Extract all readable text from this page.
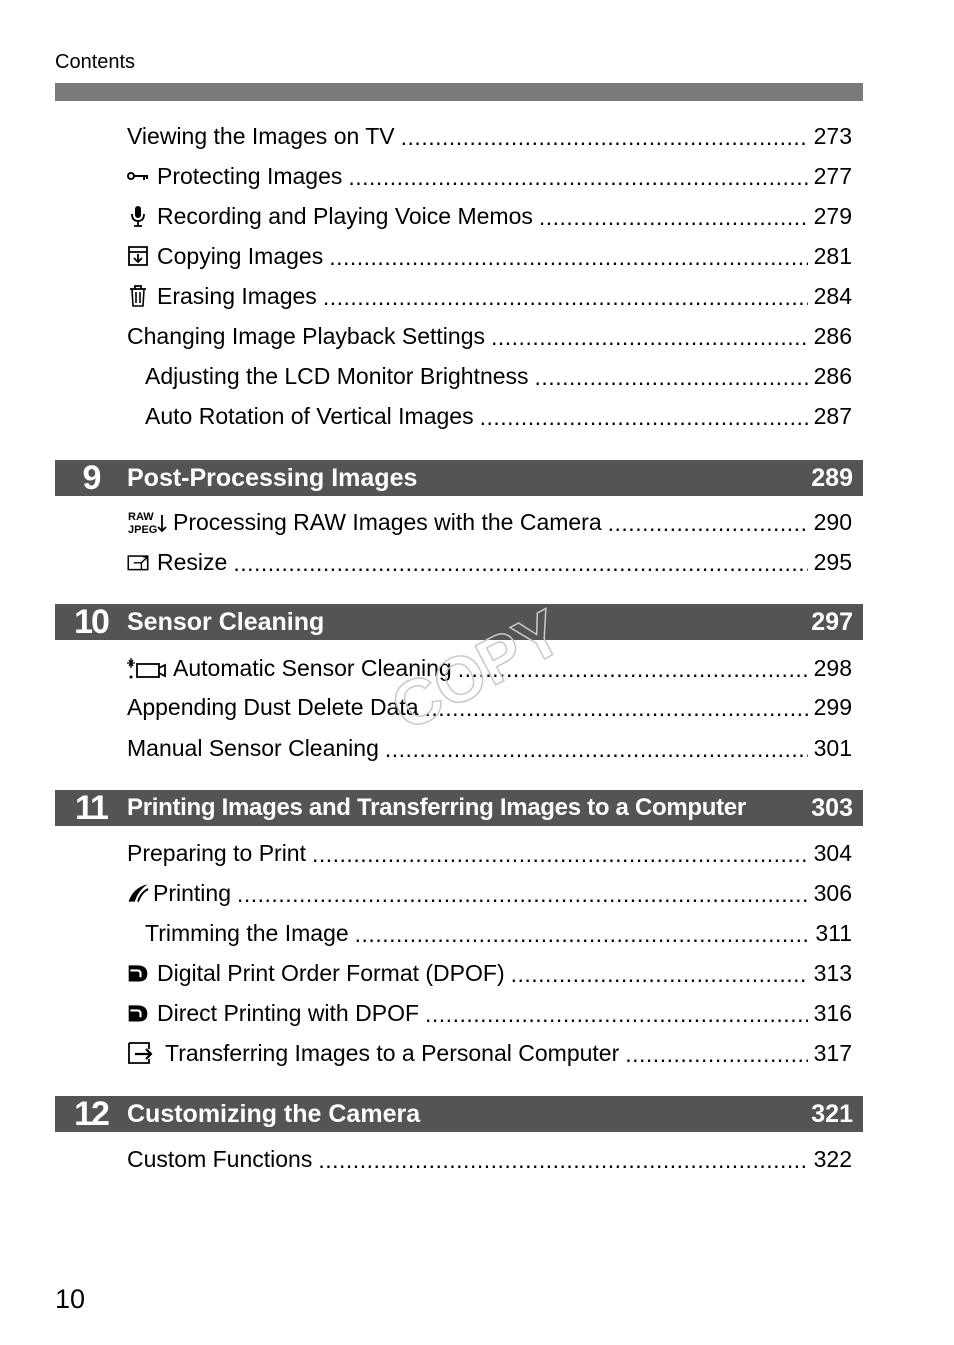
Contents
Viewing the Images on TV .....	273
Protecting Images .....	277
Recording and Playing Voice Memos .....	279
Copying Images .....	281
Erasing Images .....	284
Changing Image Playback Settings .....	286
Adjusting the LCD Monitor Brightness .....	286
Auto Rotation of Vertical Images .....	287
9	Post-Processing Images	289
RAW
JPEG Processing RAW Images with the Camera .....	290
Resize .....	295
10 Sensor Cleaning	297
Automatic Sensor Cleaning .....	298
Appending Dust Delete Data .....	299
Manual Sensor Cleaning .....	301
11 Printing Images and Transferring Images to a Computer	303
Preparing to Print .....	304
Printing .....	306
Trimming the Image .....	311
Digital Print Order Format (DPOF) .....	313
Direct Printing with DPOF .....	316
Transferring Images to a Personal Computer .....	317
12 Customizing the Camera	321
Custom Functions .....	322
COPY
10
